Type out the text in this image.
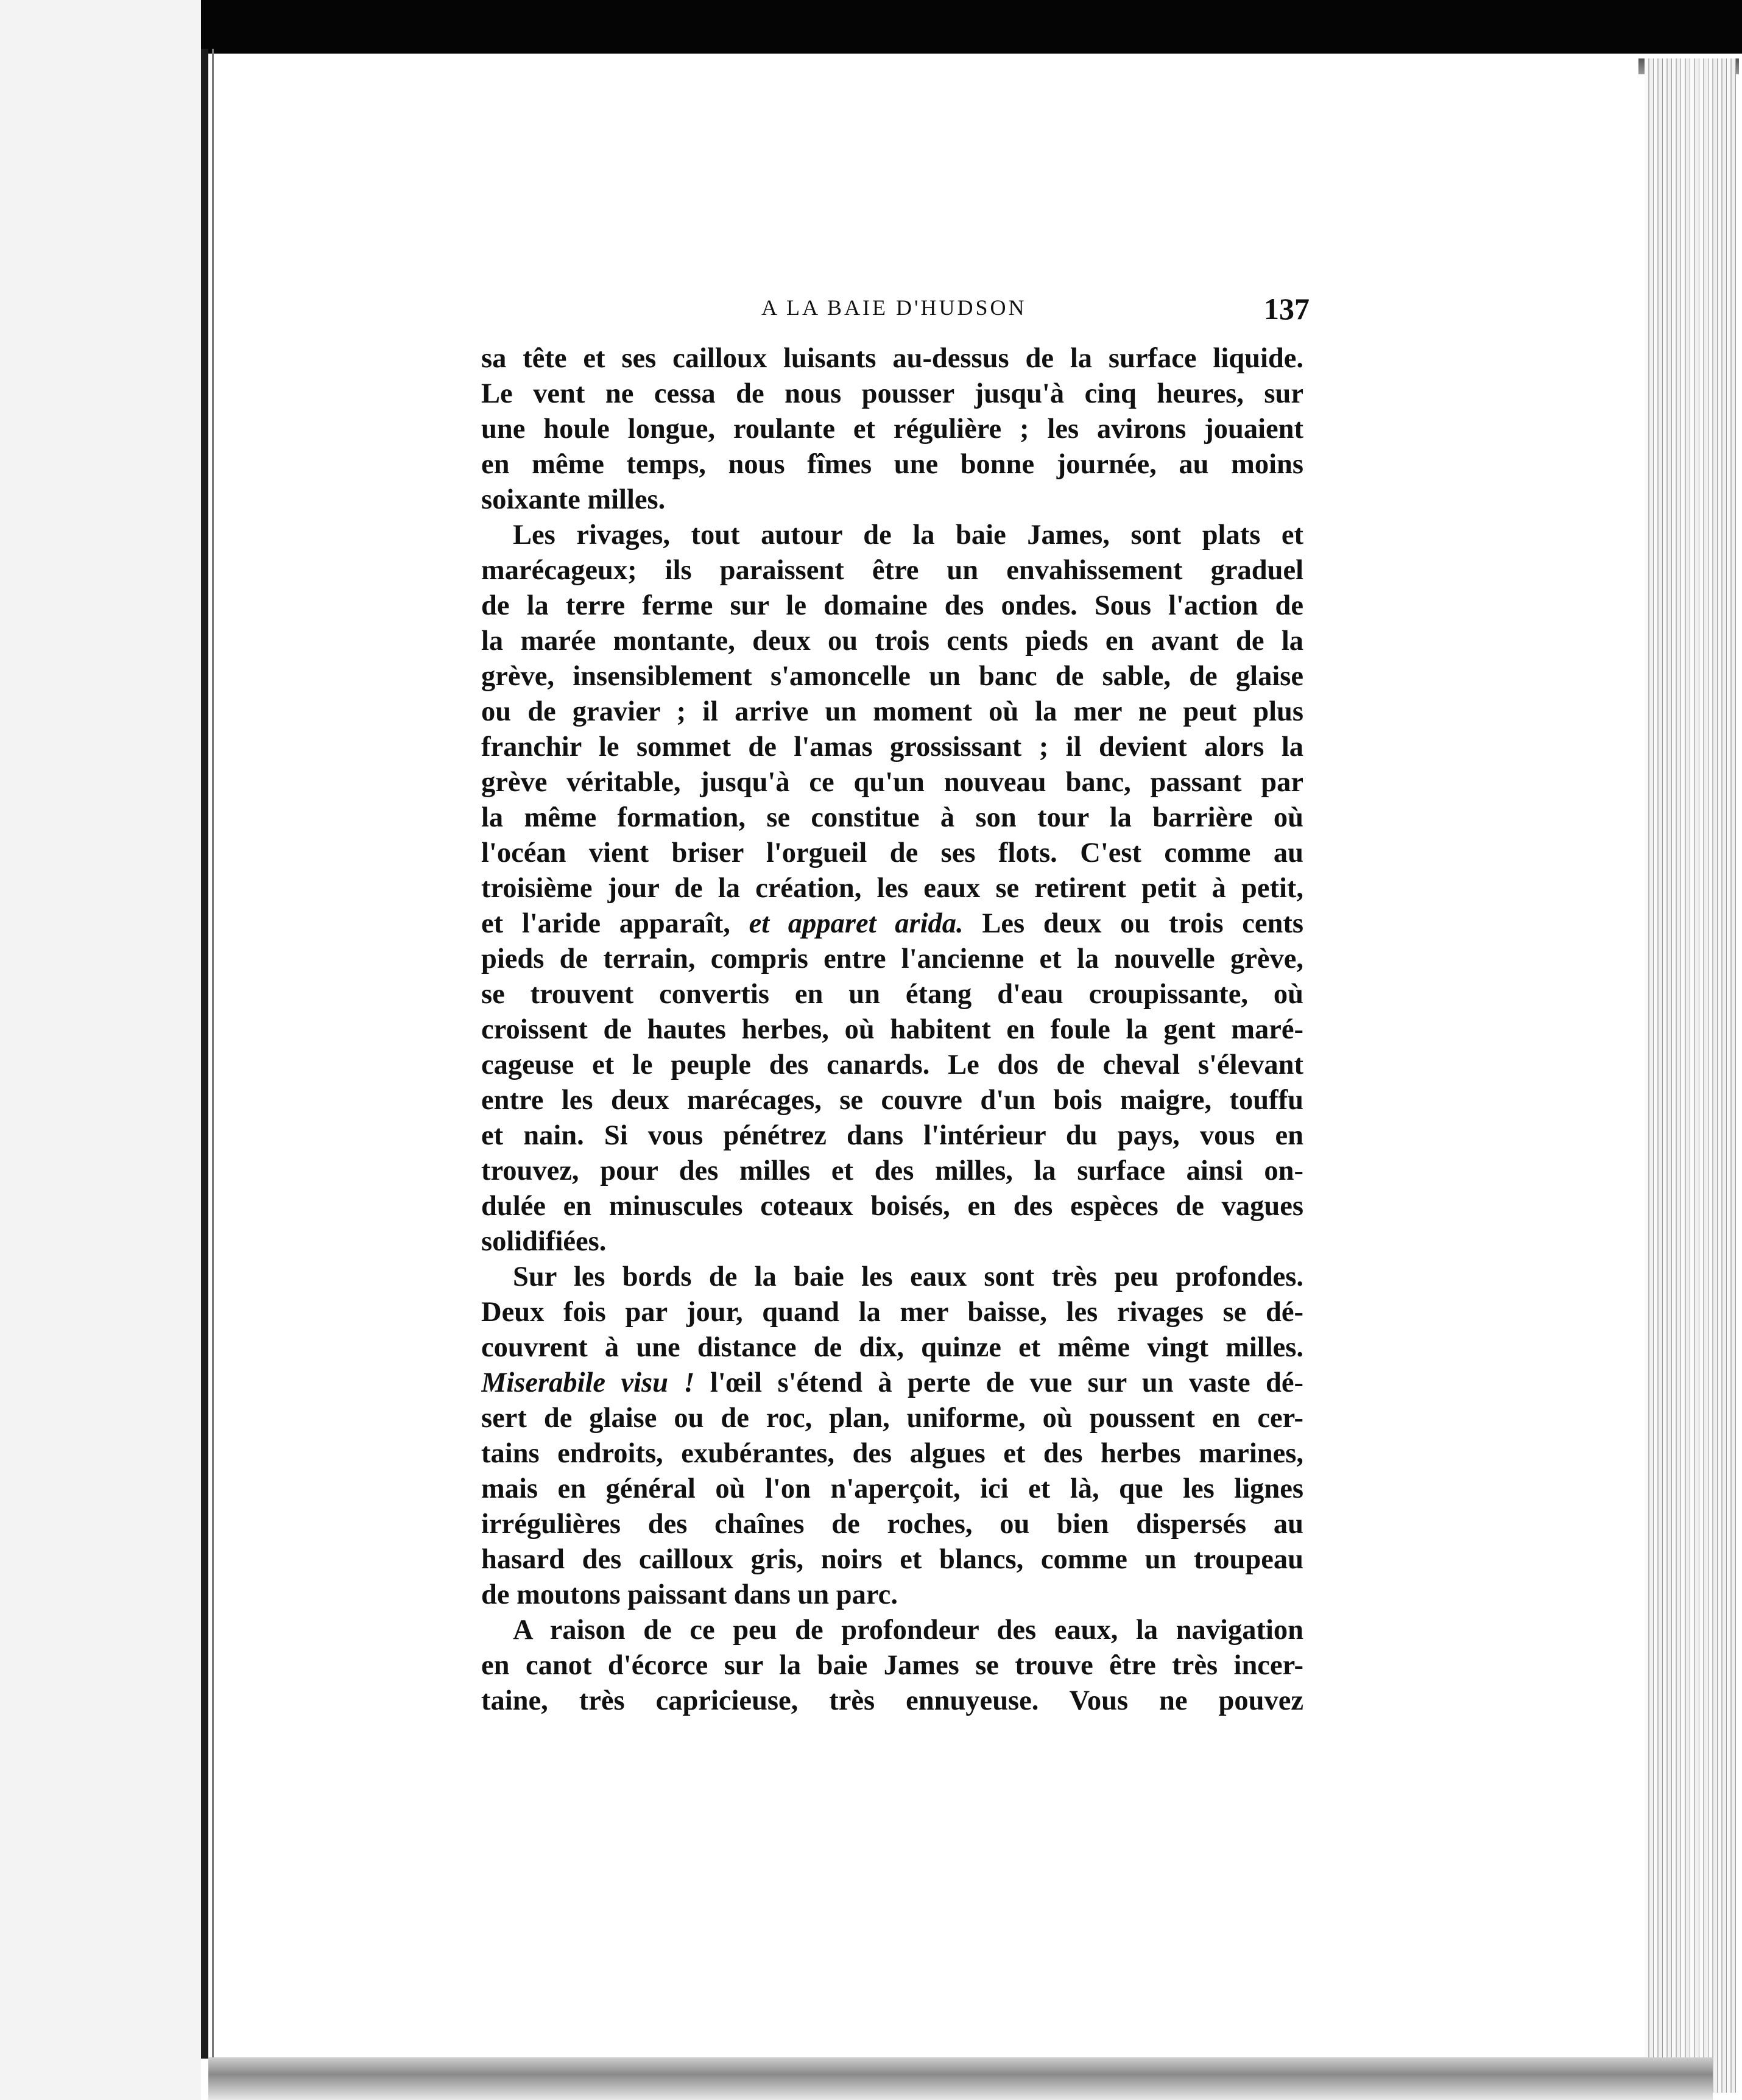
A LA BAIE D'HUDSON	137
sa tête et ses cailloux luisants au-dessus de la surface liquide.
Le vent ne cessa de nous pousser jusqu'à cinq heures, sur
une houle longue, roulante et régulière ; les avirons jouaient
en même temps, nous fîmes une bonne journée, au moins
soixante milles.
Les rivages, tout autour de la baie James, sont plats et
marécageux; ils paraissent être un envahissement graduel
de la terre ferme sur le domaine des ondes. Sous l'action de
la marée montante, deux ou trois cents pieds en avant de la
grève, insensiblement s'amoncelle un banc de sable, de glaise
ou de gravier ; il arrive un moment où la mer ne peut plus
franchir le sommet de l'amas grossissant ; il devient alors la
grève véritable, jusqu'à ce qu'un nouveau banc, passant par
la même formation, se constitue à son tour la barrière où
l'océan vient briser l'orgueil de ses flots. C'est comme au
troisième jour de la création, les eaux se retirent petit à petit,
et l'aride apparaît, et apparet arida. Les deux ou trois cents
pieds de terrain, compris entre l'ancienne et la nouvelle grève,
se trouvent convertis en un étang d'eau croupissante, où
croissent de hautes herbes, où habitent en foule la gent maré-
cageuse et le peuple des canards. Le dos de cheval s'élevant
entre les deux marécages, se couvre d'un bois maigre, touffu
et nain. Si vous pénétrez dans l'intérieur du pays, vous en
trouvez, pour des milles et des milles, la surface ainsi on-
dulée en minuscules coteaux boisés, en des espèces de vagues
solidifiées.
Sur les bords de la baie les eaux sont très peu profondes.
Deux fois par jour, quand la mer baisse, les rivages se dé-
couvrent à une distance de dix, quinze et même vingt milles.
Miserabile visu ! l'œil s'étend à perte de vue sur un vaste dé-
sert de glaise ou de roc, plan, uniforme, où poussent en cer-
tains endroits, exubérantes, des algues et des herbes marines,
mais en général où l'on n'aperçoit, ici et là, que les lignes
irrégulières des chaînes de roches, ou bien dispersés au
hasard des cailloux gris, noirs et blancs, comme un troupeau
de moutons paissant dans un parc.
A raison de ce peu de profondeur des eaux, la navigation
en canot d'écorce sur la baie James se trouve être très incer-
taine, très capricieuse, très ennuyeuse. Vous ne pouvez
